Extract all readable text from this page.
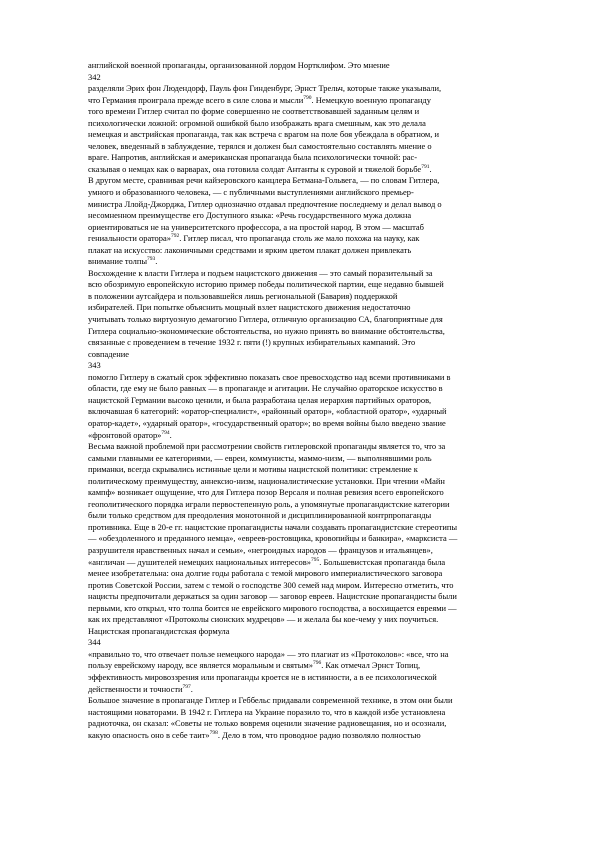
английской военной пропаганды, организованной лордом Нортклифом. Это мнение
342
разделяли Эрих фон Людендорф, Пауль фон Гинденбург, Эрнст Трельч, которые также указывали,
что Германия проиграла прежде всего в силе слова и мысли$^{790}$. Немецкую военную пропаганду
того времени Гитлер считал по форме совершенно не соответствовавшей заданным целям и
психологически ложной: огромной ошибкой было изображать врага смешным, как это делала
немецкая и австрийская пропаганда, так как встреча с врагом на поле боя убеждала в обратном, и
человек, введенный в заблуждение, терялся и должен был самостоятельно составлять мнение о
враге. Напротив, английская и американская пропаганда была психологически точной: рас-
сказывая о немцах как о варварах, она готовила солдат Антанты к суровой и тяжелой борьбе$^{791}$.
В другом месте, сравнивая речи кайзеровского канцлера Бетмана-Гольвега, — по словам Гитлера,
умного и образованного человека, — с публичными выступлениями английского премьер-
министра Ллойд-Джорджа, Гитлер однозначно отдавал предпочтение последнему и делал вывод о
несомненном преимуществе его Доступного языка: «Речь государственного мужа должна
ориентироваться не на университетского профессора, а на простой народ. В этом — масштаб
гениальности оратора»$^{792}$. Гитлер писал, что пропаганда столь же мало похожа на науку, как
плакат на искусство: лаконичными средствами и ярким цветом плакат должен привлекать
внимание толпы$^{793}$.
Восхождение к власти Гитлера и подъем нацистского движения — это самый поразительный за
всю обозримую европейскую историю пример победы политической партии, еще недавно бывшей
в положении аутсайдера и пользовавшейся лишь региональной (Бавария) поддержкой
избирателей. При попытке объяснить мощный взлет нацистского движения недостаточно
учитывать только виртуозную демагогию Гитлера, отличную организацию СА, благоприятные для
Гитлера социально-экономические обстоятельства, но нужно принять во внимание обстоятельства,
связанные с проведением в течение 1932 г. пяти (!) крупных избирательных кампаний. Это
совпадение
343
помогло Гитлеру в сжатый срок эффективно показать свое превосходство над всеми противниками в
области, где ему не было равных — в пропаганде и агитации. Не случайно ораторское искусство в
нацистской Германии высоко ценили, и была разработана целая иерархия партийных ораторов,
включавшая 6 категорий: «оратор-специалист», «районный оратор», «областной оратор», «ударный
оратор-кадет», «ударный оратор», «государственный оратор»; во время войны было введено звание
«фронтовой оратор»$^{794}$.
Весьма важной проблемой при рассмотрении свойств гитлеровской пропаганды является то, что за
самыми главными ее категориями, — евреи, коммунисты, маммо-низм, — выполнявшими роль
приманки, всегда скрывались истинные цели и мотивы нацистской политики: стремление к
политическому преимуществу, аннексио-низм, националистические установки. При чтении «Майн
кампф» возникает ощущение, что для Гитлера позор Версаля и полная ревизия всего европейского
геополитического порядка играли первостепенную роль, а упомянутые пропагандистские категории
были только средством для преодоления монотонной и дисциплинированной контрпропаганды
противника. Еще в 20-е гг. нацистские пропагандисты начали создавать пропагандистские стереотипы
— «обездоленного и преданного немца», «евреев-ростовщика, кровопийцы и банкира», «марксиста —
разрушителя нравственных начал и семьи», «негроидных народов — французов и итальянцев»,
«англичан — душителей немецких национальных интересов»$^{795}$. Большевистская пропаганда была
менее изобретательна: она долгие годы работала с темой мирового империалистического заговора
против Советской России, затем с темой о господстве 300 семей над миром. Интересно отметить, что
нацисты предпочитали держаться за один заговор — заговор евреев. Нацистские пропагандисты были
первыми, кто открыл, что толпа боится не еврейского мирового господства, а восхищается евреями —
как их представляют «Протоколы сионских мудрецов» — и желала бы кое-чему у них поучиться.
Нацистская пропагандистская формула
344
«правильно то, что отвечает пользе немецкого народа» — это плагиат из «Протоколов»: «все, что на
пользу еврейскому народу, все является моральным и святым»$^{796}$. Как отмечал Эрнст Топиц,
эффективность мировоззрения или пропаганды кроется не в истинности, а в ее психологической
действенности и точности$^{797}$.
Большое значение в пропаганде Гитлер и Геббельс придавали современной технике, в этом они были
настоящими новаторами. В 1942 г. Гитлера на Украине поразило то, что в каждой избе установлена
радиоточка, он сказал: «Советы не только вовремя оценили значение радиовещания, но и осознали,
какую опасность оно в себе таит»$^{798}$. Дело в том, что проводное радио позволяло полностью
